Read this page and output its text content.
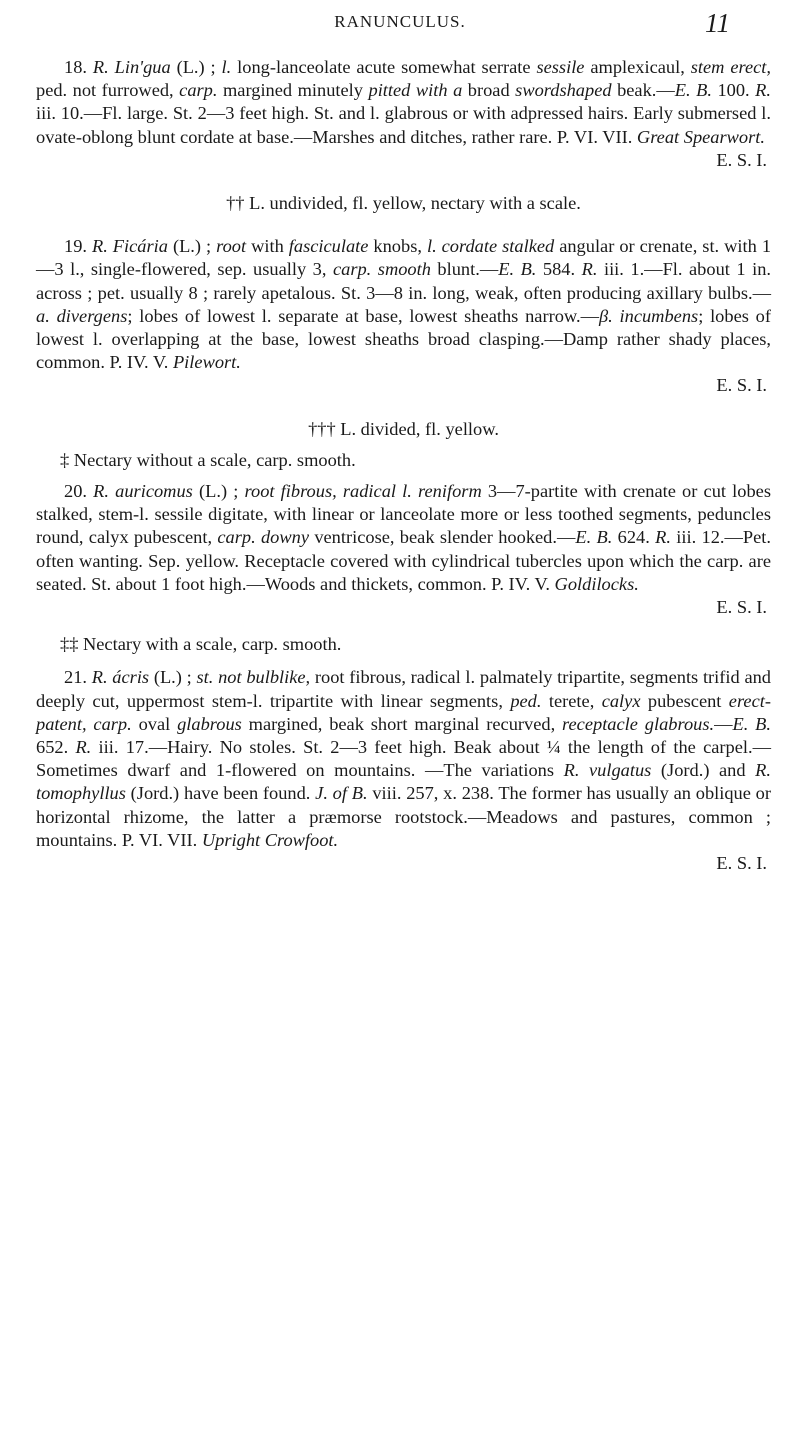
RANUNCULUS.	11

18. R. Lin'gua (L.) ; l. long-lanceolate acute somewhat serrate sessile amplexicaul, stem erect, ped. not furrowed, carp. margined minutely pitted with a broad swordshaped beak.—E. B. 100. R. iii. 10.—Fl. large. St. 2—3 feet high. St. and l. glabrous or with adpressed hairs. Early submersed l. ovate-oblong blunt cordate at base.—Marshes and ditches, rather rare. P. VI. VII. Great Spearwort.

E. S. I.

†† L. undivided, fl. yellow, nectary with a scale.

19. R. Ficária (L.) ; root with fasciculate knobs, l. cordate stalked angular or crenate, st. with 1—3 l., single-flowered, sep. usually 3, carp. smooth blunt.—E. B. 584. R. iii. 1.—Fl. about 1 in. across ; pet. usually 8 ; rarely apetalous. St. 3—8 in. long, weak, often producing axillary bulbs.—a. divergens; lobes of lowest l. separate at base, lowest sheaths narrow.—β. incumbens; lobes of lowest l. overlapping at the base, lowest sheaths broad clasping.—Damp rather shady places, common. P. IV. V. Pilewort.

E. S. I.

††† L. divided, fl. yellow.

‡ Nectary without a scale, carp. smooth.

20. R. auricomus (L.) ; root fibrous, radical l. reniform 3—7-partite with crenate or cut lobes stalked, stem-l. sessile digitate, with linear or lanceolate more or less toothed segments, peduncles round, calyx pubescent, carp. downy ventricose, beak slender hooked.—E. B. 624. R. iii. 12.—Pet. often wanting. Sep. yellow. Receptacle covered with cylindrical tubercles upon which the carp. are seated. St. about 1 foot high.—Woods and thickets, common. P. IV. V. Goldilocks.

E. S. I.

‡‡ Nectary with a scale, carp. smooth.

21. R. ácris (L.) ; st. not bulblike, root fibrous, radical l. palmately tripartite, segments trifid and deeply cut, uppermost stem-l. tripartite with linear segments, ped. terete, calyx pubescent erect-patent, carp. oval glabrous margined, beak short marginal recurved, receptacle glabrous.—E. B. 652. R. iii. 17.—Hairy. No stoles. St. 2—3 feet high. Beak about ¼ the length of the carpel.—Sometimes dwarf and 1-flowered on mountains. —The variations R. vulgatus (Jord.) and R. tomophyllus (Jord.) have been found. J. of B. viii. 257, x. 238. The former has usually an oblique or horizontal rhizome, the latter a præmorse rootstock.—Meadows and pastures, common ; mountains. P. VI. VII. Upright Crowfoot.

E. S. I.
